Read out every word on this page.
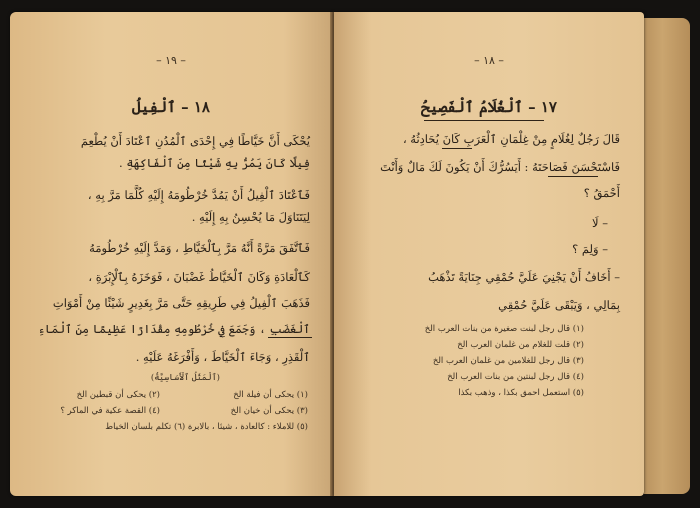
– ١٩ –
١٨ – ٱلْفِيلُ
يُحْكَى أَنَّ خَيَّاطًا فِي إِحْدَى ٱلْمُدُنِ ٱعْتَادَ أَنْ يُطْعِمَ
فِيلًا كَانَ يَمُرُّ بِهِ شَيْئًا مِنَ ٱلْفَاكِهَةِ .
فَٱعْتَادَ ٱلْفِيلُ أَنْ يَمُدَّ خُرْطُومَهُ إِلَيْهِ كُلَّمَا مَرَّ بِهِ ،
لِيَتَنَاوَلَ مَا يُحْسِنُ بِهِ إِلَيْهِ .
فَٱتَّفَقَ مَرَّةً أَنَّهُ مَرَّ بِٱلْخَيَّاطِ ، وَمَدَّ إِلَيْهِ خُرْطُومَهُ
كَٱلْعَادَةِ وَكَانَ ٱلْخَيَّاطُ غَضْبَانَ ، فَوَخَزَهُ بِٱلْإِبْرَةِ ،
فَذَهَبَ ٱلْفِيلُ فِي طَرِيقِهِ حَتَّى مَرَّ بِغَدِيرٍ شَيْئًا مِنْ أَمْوَاتِ
ٱلْغَضَبِ ، وَجَمَعَ فِي خُرْطُومِهِ مِقْدَارًا عَظِيمًا مِنَ ٱلْمَاءِ
ٱلْقَذِرِ ، وَجَاءَ ٱلْخَيَّاطَ ، وَأَفْرَغَهُ عَلَيْهِ .
(ٱلْمَثَلُ ٱلْأَسَاسِيَّةُ)
(١) يحكى أن فيلة الخ
(٢) يحكى أن قبطين الخ
(٣) يحكى أن خيان الخ
(٤) القصة عكية في الماكر ؟
(٥) للاملاء : كالعادة ، شيئا ، بالابرة (٦) تكلم بلسان الخياط
– ١٨ –
١٧ – ٱلْغُلَامُ ٱلْفَصِيحُ
قَالَ رَجُلٌ لِغُلَامٍ مِنْ غِلْمَانِ ٱلْعَرَبِ كَانَ يُحَادِثُهُ ،
فَاسْتَحْسَنَ فَصَاحَتَهُ : أَيَسُرُّكَ أَنْ يَكُونَ لَكَ مَالٌ وَأَنْتَ
أَحْمَقُ ؟
– لَا
– وَلِمَ ؟
– أَخَافُ أَنْ يَجْنِيَ عَلَيَّ حُمْقِي جِنَايَةً تَذْهَبُ
بِمَالِي ، وَيَبْقَى عَلَيَّ حُمْقِي
(١) قال رجل لبنت صغيرة من بنات العرب الخ
(٢) قلت للغلام من غلمان العرب الخ
(٣) قال رجل للغلامين من غلمان العرب الخ
(٤) قال رجل لبنتين من بنات العرب الخ
(٥) استعمل احمق بكذا ، وذهب بكذا
